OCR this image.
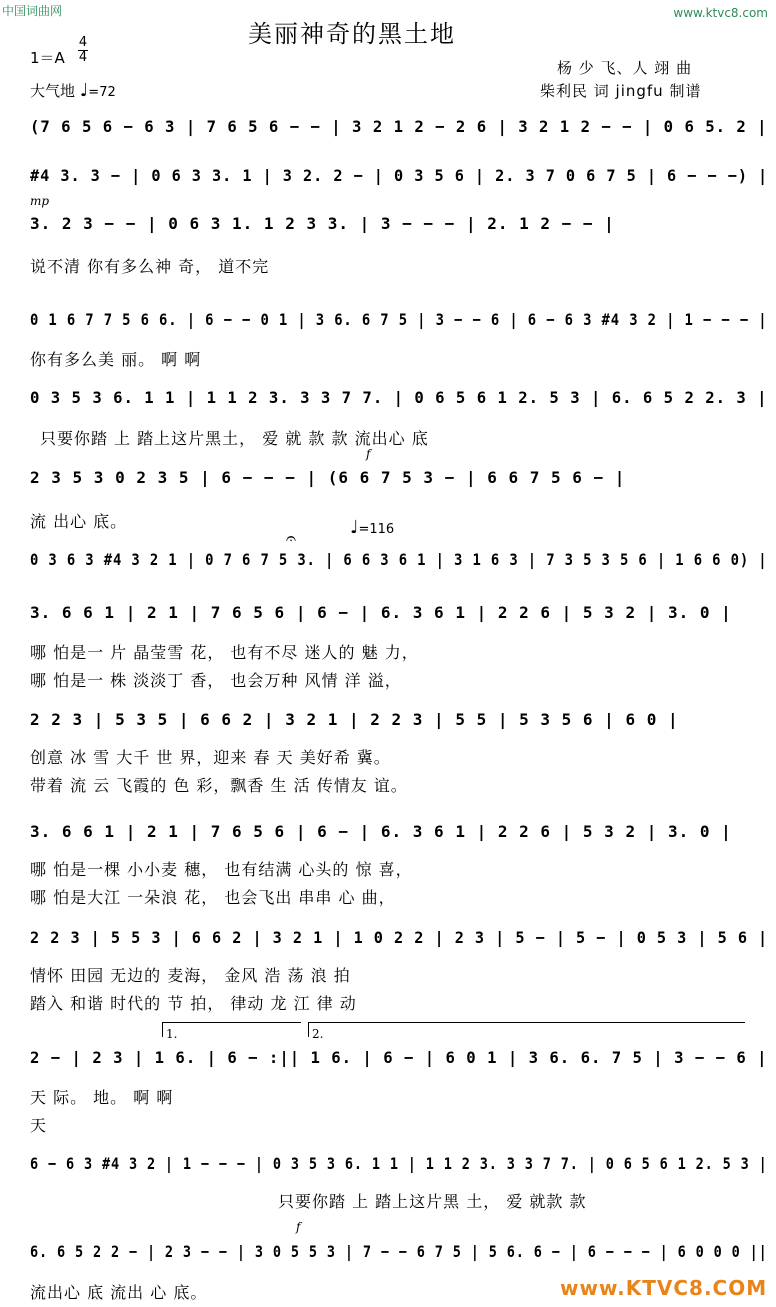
中国词曲网	www.ktvc8.com
美丽神奇的黑土地
1＝A
4
4
大气地 ♩=72
杨 少 飞、人 翊 曲
柴利民 词 jingfu 制谱
(7 6 5 6 − 6 3 | 7 6 5 6 − − | 3 2 1 2 − 2 6 | 3 2 1 2 − − | 0 6 5. 2 |
#4 3. 3 − | 0 6 3 3. 1 | 3 2. 2 − | 0 3 5 6 | 2. 3 7 0 6 7 5 | 6 − − −) |
mp
3. 2 3 − − | 0 6 3 1. 1 2 3 3. | 3 − − − | 2. 1 2 − − |
说不清 你有多么神 奇， 道不完
0 1 6 7 7 5 6 6. | 6 − − 0 1 | 3 6. 6 7 5 | 3 − − 6 | 6 − 6 3 #4 3 2 | 1 − − − |
你有多么美 丽。 啊 啊
0 3 5 3 6. 1 1 | 1 1 2 3. 3 3 7 7. | 0 6 5 6 1 2. 5 3 | 6. 6 5 2 2. 3 |
只要你踏 上 踏上这片黑土， 爱 就 款 款 流出心 底
f
2 3 5 3 0 2 3 5 | 6 − − − | (6 6 7 5 3 − | 6 6 7 5 6 − |
流 出心 底。	♩=116
𝄐
0 3 6 3 #4 3 2 1 | 0 7 6 7 5 3. | 6 6 3 6 1 | 3 1 6 3 | 7 3 5 3 5 6 | 1 6 6 0) |
3. 6 6 1 | 2 1 | 7 6 5 6 | 6 − | 6. 3 6 1 | 2 2 6 | 5 3 2 | 3. 0 |
哪 怕是一 片 晶莹雪 花， 也有不尽 迷人的 魅 力，
哪 怕是一 株 淡淡丁 香， 也会万种 风情 洋 溢，
2 2 3 | 5 3 5 | 6 6 2 | 3 2 1 | 2 2 3 | 5 5 | 5 3 5 6 | 6 0 |
创意 冰 雪 大千 世 界，迎来 春 天 美好希 冀。
带着 流 云 飞霞的 色 彩，飘香 生 活 传情友 谊。
3. 6 6 1 | 2 1 | 7 6 5 6 | 6 − | 6. 3 6 1 | 2 2 6 | 5 3 2 | 3. 0 |
哪 怕是一棵 小小麦 穗， 也有结满 心头的 惊 喜，
哪 怕是大江 一朵浪 花， 也会飞出 串串 心 曲，
2 2 3 | 5 5 3 | 6 6 2 | 3 2 1 | 1 0 2 2 | 2 3 | 5 − | 5 − | 0 5 3 | 5 6 |
情怀 田园 无边的 麦海， 金风 浩 荡 浪 拍
踏入 和谐 时代的 节 拍， 律动 龙 江 律 动
1.	2.
2 − | 2 3 | 1 6. | 6 − :|| 1 6. | 6 − | 6 0 1 | 3 6. 6. 7 5 | 3 − − 6 |
天 际。 地。 啊 啊
天
6 − 6 3 #4 3 2 | 1 − − − | 0 3 5 3 6. 1 1 | 1 1 2 3. 3 3 7 7. | 0 6 5 6 1 2. 5 3 |
只要你踏 上 踏上这片黑 土， 爱 就款 款
f
6. 6 5 2 2 − | 2 3 − − | 3 0 5 5 3 | 7 − − 6 7 5 | 5 6. 6 − | 6 − − − | 6 0 0 0 ||
流出心 底 流出 心 底。	www.KTVC8.COM
